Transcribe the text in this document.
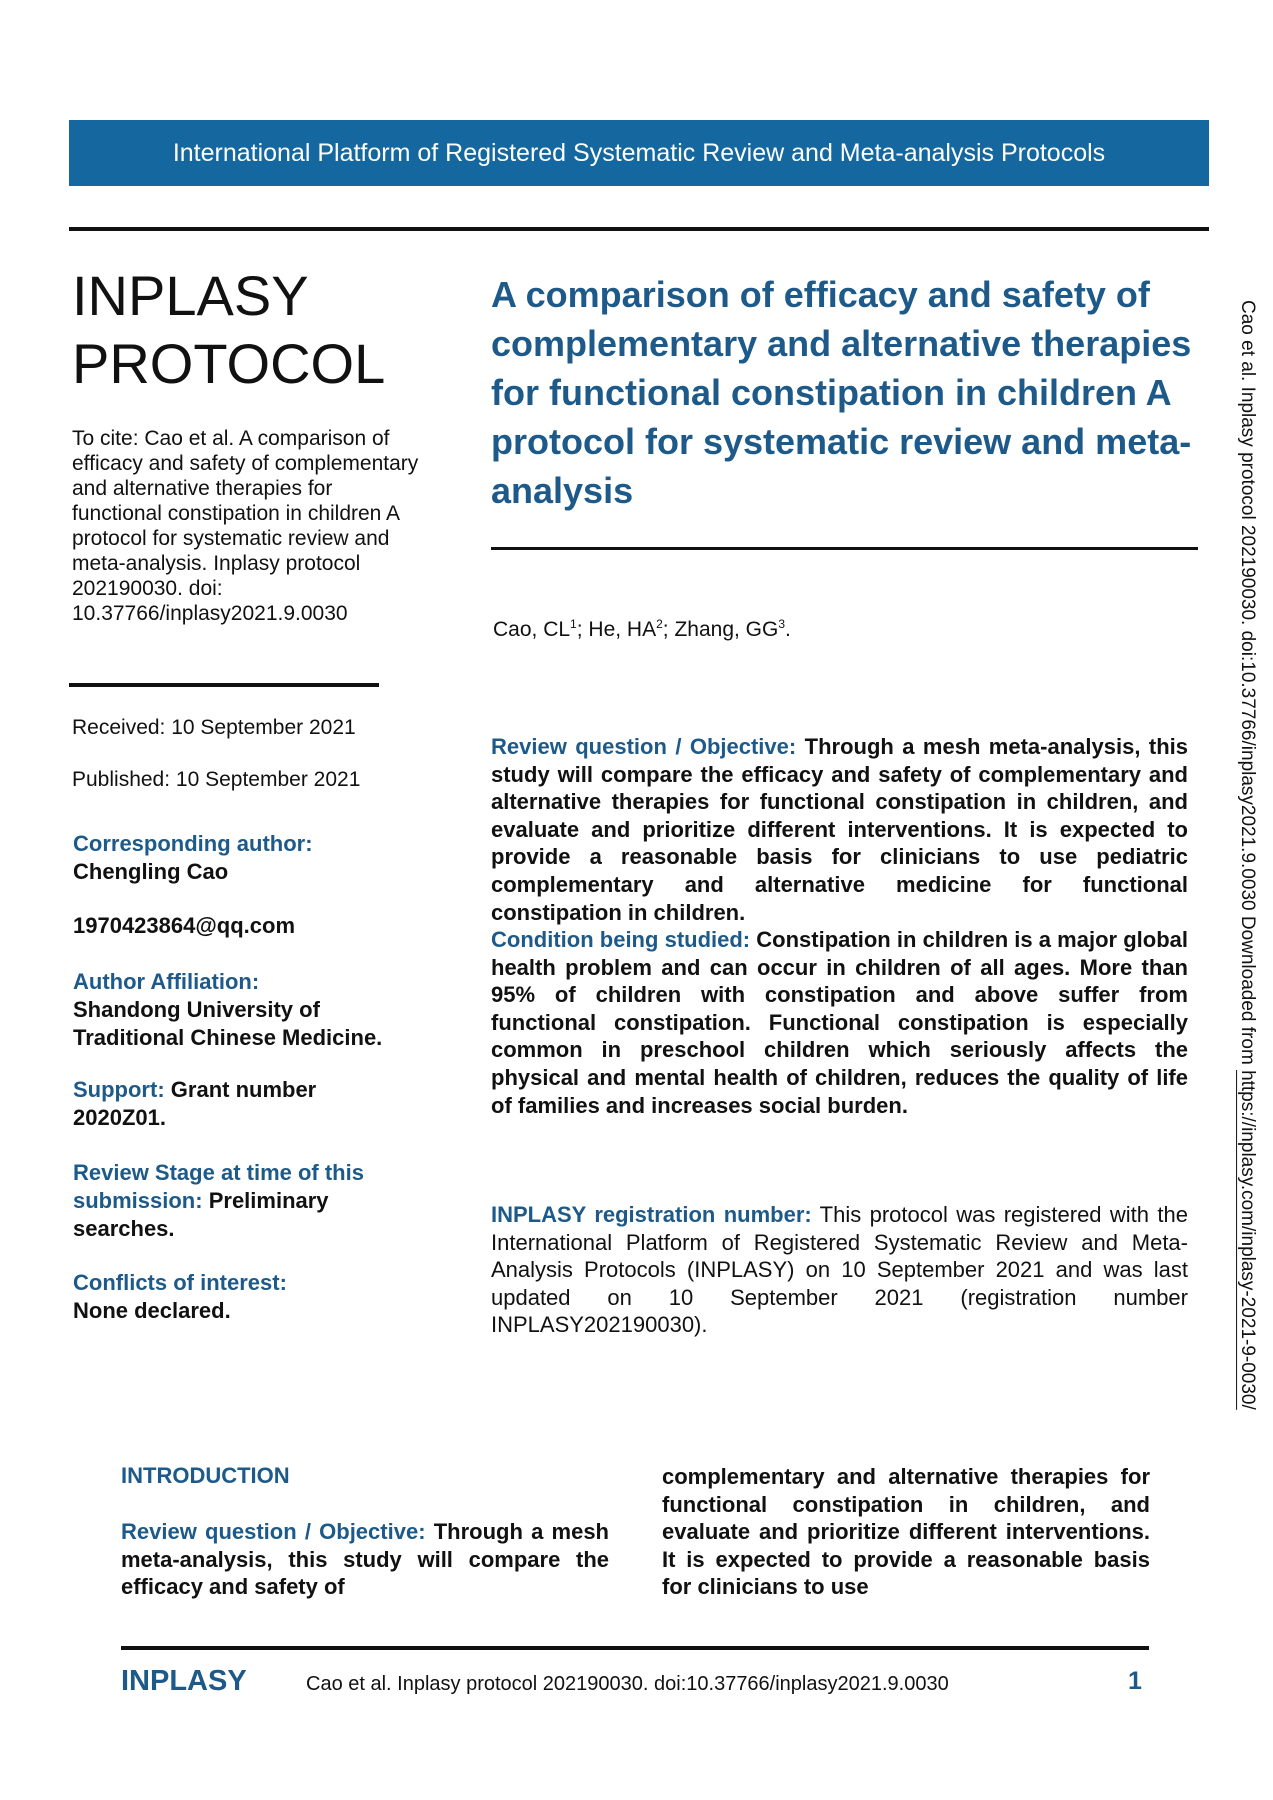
International Platform of Registered Systematic Review and Meta-analysis Protocols
INPLASY
PROTOCOL
To cite: Cao et al. A comparison of efficacy and safety of complementary and alternative therapies for functional constipation in children A protocol for systematic review and meta-analysis. Inplasy protocol 202190030. doi: 10.37766/inplasy2021.9.0030
Received: 10 September 2021
Published: 10 September 2021
Corresponding author:
Chengling Cao
1970423864@qq.com
Author Affiliation:
Shandong University of Traditional Chinese Medicine.
Support: Grant number 2020Z01.
Review Stage at time of this submission: Preliminary searches.
Conflicts of interest:
None declared.
A comparison of efficacy and safety of complementary and alternative therapies for functional constipation in children A protocol for systematic review and meta-analysis
Cao, $CL^1$; He, $HA^2$; Zhang, $GG^3$.
Review question / Objective: Through a mesh meta-analysis, this study will compare the efficacy and safety of complementary and alternative therapies for functional constipation in children, and evaluate and prioritize different interventions. It is expected to provide a reasonable basis for clinicians to use pediatric complementary and alternative medicine for functional constipation in children.
Condition being studied: Constipation in children is a major global health problem and can occur in children of all ages. More than 95% of children with constipation and above suffer from functional constipation. Functional constipation is especially common in preschool children which seriously affects the physical and mental health of children, reduces the quality of life of families and increases social burden.
INPLASY registration number: This protocol was registered with the International Platform of Registered Systematic Review and Meta-Analysis Protocols (INPLASY) on 10 September 2021 and was last updated on 10 September 2021 (registration number INPLASY202190030).
INTRODUCTION
Review question / Objective: Through a mesh meta-analysis, this study will compare the efficacy and safety of
complementary and alternative therapies for functional constipation in children, and evaluate and prioritize different interventions. It is expected to provide a reasonable basis for clinicians to use
INPLASY	Cao et al. Inplasy protocol 202190030. doi:10.37766/inplasy2021.9.0030	1
Cao et al. Inplasy protocol 202190030. doi:10.37766/inplasy2021.9.0030 Downloaded from https://inplasy.com/inplasy-2021-9-0030/
